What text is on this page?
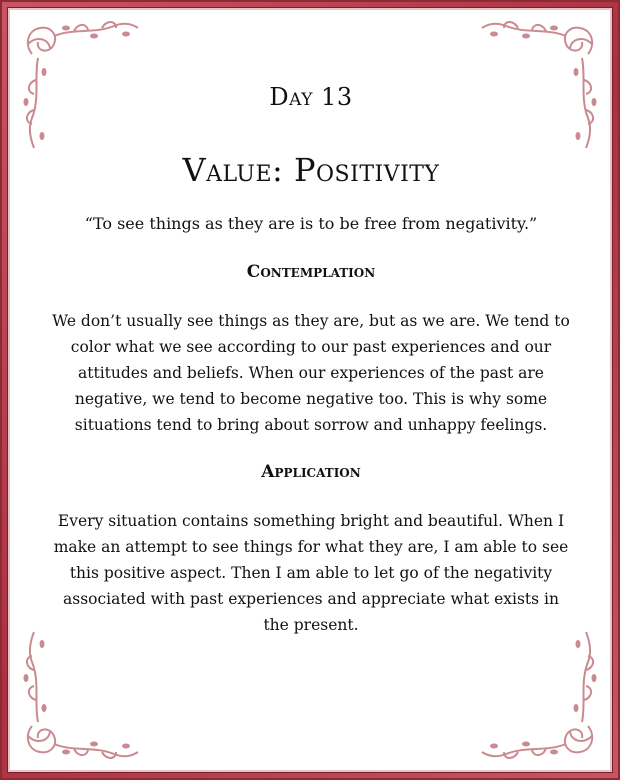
Day 13
Value: Positivity
“To see things as they are is to be free from negativity.”
Contemplation
We don’t usually see things as they are, but as we are. We tend to color what we see according to our past experiences and our attitudes and beliefs. When our experiences of the past are negative, we tend to become negative too. This is why some situations tend to bring about sorrow and unhappy feelings.
Application
Every situation contains something bright and beautiful. When I make an attempt to see things for what they are, I am able to see this positive aspect. Then I am able to let go of the negativity associated with past experiences and appreciate what exists in the present.
